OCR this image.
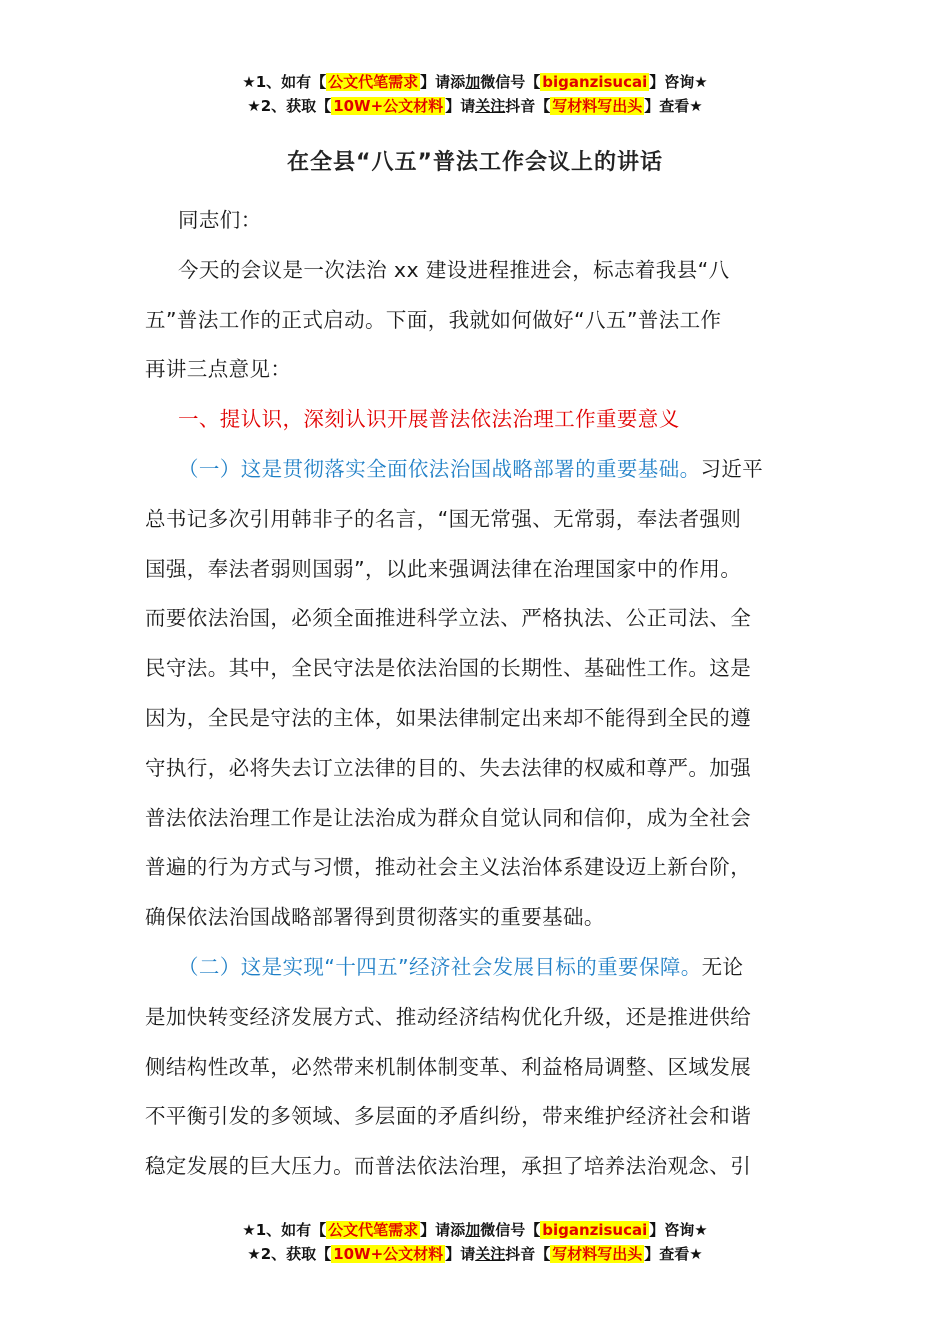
★1、如有【 公文代笔需求 】请添加微信号【 biganzisucai 】咨询★
★2、获取【 10W+公文材料 】请关注抖音【 写材料写出头 】查看★
在全县“八五”普法工作会议上的讲话
同志们：
今天的会议是一次法治 xx 建设进程推进会，标志着我县“八
五”普法工作的正式启动。下面，我就如何做好“八五”普法工作
再讲三点意见：
一、提认识，深刻认识开展普法依法治理工作重要意义
（一）这是贯彻落实全面依法治国战略部署的重要基础。习近平
总书记多次引用韩非子的名言，“国无常强、无常弱，奉法者强则
国强，奉法者弱则国弱”，以此来强调法律在治理国家中的作用。
而要依法治国，必须全面推进科学立法、严格执法、公正司法、全
民守法。其中，全民守法是依法治国的长期性、基础性工作。这是
因为，全民是守法的主体，如果法律制定出来却不能得到全民的遵
守执行，必将失去订立法律的目的、失去法律的权威和尊严。加强
普法依法治理工作是让法治成为群众自觉认同和信仰，成为全社会
普遍的行为方式与习惯，推动社会主义法治体系建设迈上新台阶，
确保依法治国战略部署得到贯彻落实的重要基础。
（二）这是实现“十四五”经济社会发展目标的重要保障。无论
是加快转变经济发展方式、推动经济结构优化升级，还是推进供给
侧结构性改革，必然带来机制体制变革、利益格局调整、区域发展
不平衡引发的多领域、多层面的矛盾纠纷，带来维护经济社会和谐
稳定发展的巨大压力。而普法依法治理，承担了培养法治观念、引
★1、如有【 公文代笔需求 】请添加微信号【 biganzisucai 】咨询★
★2、获取【 10W+公文材料 】请关注抖音【 写材料写出头 】查看★
